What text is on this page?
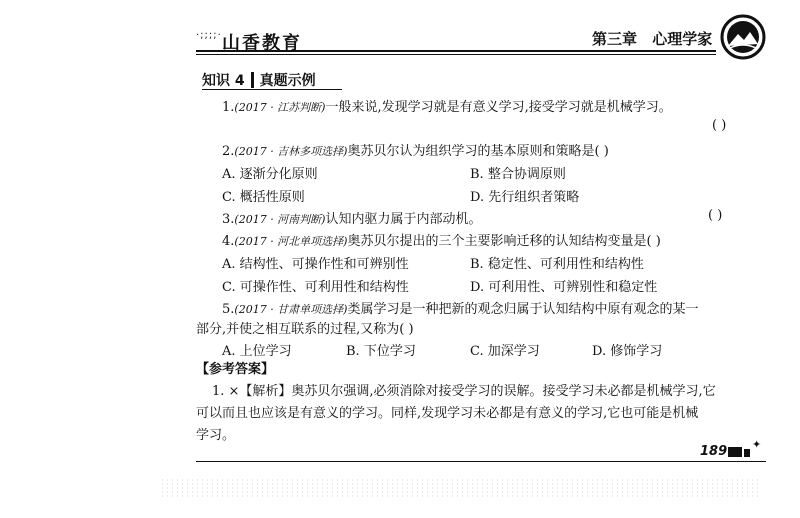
·;;;;· 山香教育	第三章 心理学家
知识 4 真题示例
1.(2017 · 江苏判断)一般来说,发现学习就是有意义学习,接受学习就是机械学习。
( )
2.(2017 · 吉林多项选择)奥苏贝尔认为组织学习的基本原则和策略是( )
A. 逐渐分化原则	B. 整合协调原则
C. 概括性原则	D. 先行组织者策略
3.(2017 · 河南判断)认知内驱力属于内部动机。	( )
4.(2017 · 河北单项选择)奥苏贝尔提出的三个主要影响迁移的认知结构变量是( )
A. 结构性、可操作性和可辨别性	B. 稳定性、可利用性和结构性
C. 可操作性、可利用性和结构性	D. 可利用性、可辨别性和稳定性
5.(2017 · 甘肃单项选择)类属学习是一种把新的观念归属于认知结构中原有观念的某一
部分,并使之相互联系的过程,又称为( )
A. 上位学习	B. 下位学习	C. 加深学习	D. 修饰学习
【参考答案】
1. ×【解析】奥苏贝尔强调,必须消除对接受学习的误解。接受学习未必都是机械学习,它
可以而且也应该是有意义的学习。同样,发现学习未必都是有意义的学习,它也可能是机械
学习。
189 ✦
